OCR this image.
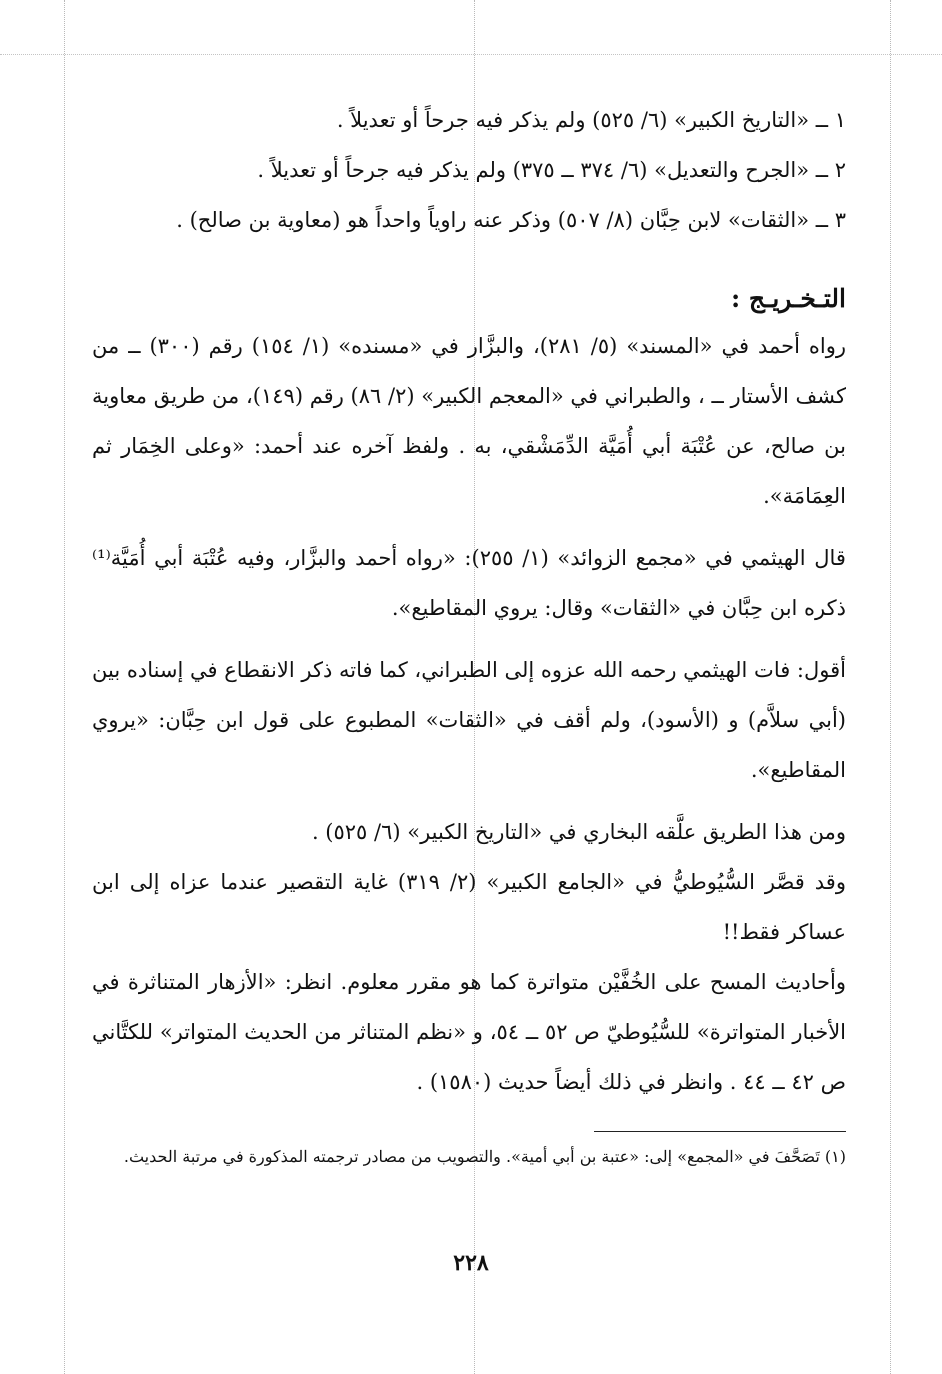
١ ــ «التاريخ الكبير» (٦/ ٥٢٥) ولم يذكر فيه جرحاً أو تعديلاً .
٢ ــ «الجرح والتعديل» (٦/ ٣٧٤ ــ ٣٧٥) ولم يذكر فيه جرحاً أو تعديلاً .

٣ ــ «الثقات» لابن حِبَّان (٨/ ٥٠٧) وذكر عنه راوياً واحداً هو (معاوية بن صالح) .

التـخـريـج :

رواه أحمد في «المسند» (٥/ ٢٨١)، والبزَّار في «مسنده» (١/ ١٥٤) رقم (٣٠٠) ــ من كشف الأستار ــ ، والطبراني في «المعجم الكبير» (٢/ ٨٦) رقم (١٤٩)، من طريق معاوية بن صالح، عن عُتْبَة أبي أُمَيَّة الدِّمَشْقي، به . ولفظ آخره عند أحمد: «وعلى الخِمَار ثم العِمَامَة».

قال الهيثمي في «مجمع الزوائد» (١/ ٢٥٥): «رواه أحمد والبزَّار، وفيه عُتْبَة أبي أُمَيَّة⁽¹⁾ ذكره ابن حِبَّان في «الثقات» وقال: يروي المقاطيع».

أقول: فات الهيثمي رحمه الله عزوه إلى الطبراني، كما فاته ذكر الانقطاع في إسناده بين (أبي سلاَّم) و (الأسود)، ولم أقف في «الثقات» المطبوع على قول ابن حِبَّان: «يروي المقاطيع».

ومن هذا الطريق علَّقه البخاري في «التاريخ الكبير» (٦/ ٥٢٥) .

وقد قصَّر السُّيُوطيُّ في «الجامع الكبير» (٢/ ٣١٩) غاية التقصير عندما عزاه إلى ابن عساكر فقط!!

وأحاديث المسح على الخُفَّيْن متواترة كما هو مقرر معلوم. انظر: «الأزهار المتناثرة في الأخبار المتواترة» للسُّيُوطيّ ص ٥٢ ــ ٥٤، و «نظم المتناثر من الحديث المتواتر» للكتَّاني ص ٤٢ ــ ٤٤ . وانظر في ذلك أيضاً حديث (١٥٨٠) .

(١) تَصَحَّفَ في «المجمع» إلى: «عتبة بن أبي أمية». والتصويب من مصادر ترجمته المذكورة في مرتبة الحديث.
٢٢٨
